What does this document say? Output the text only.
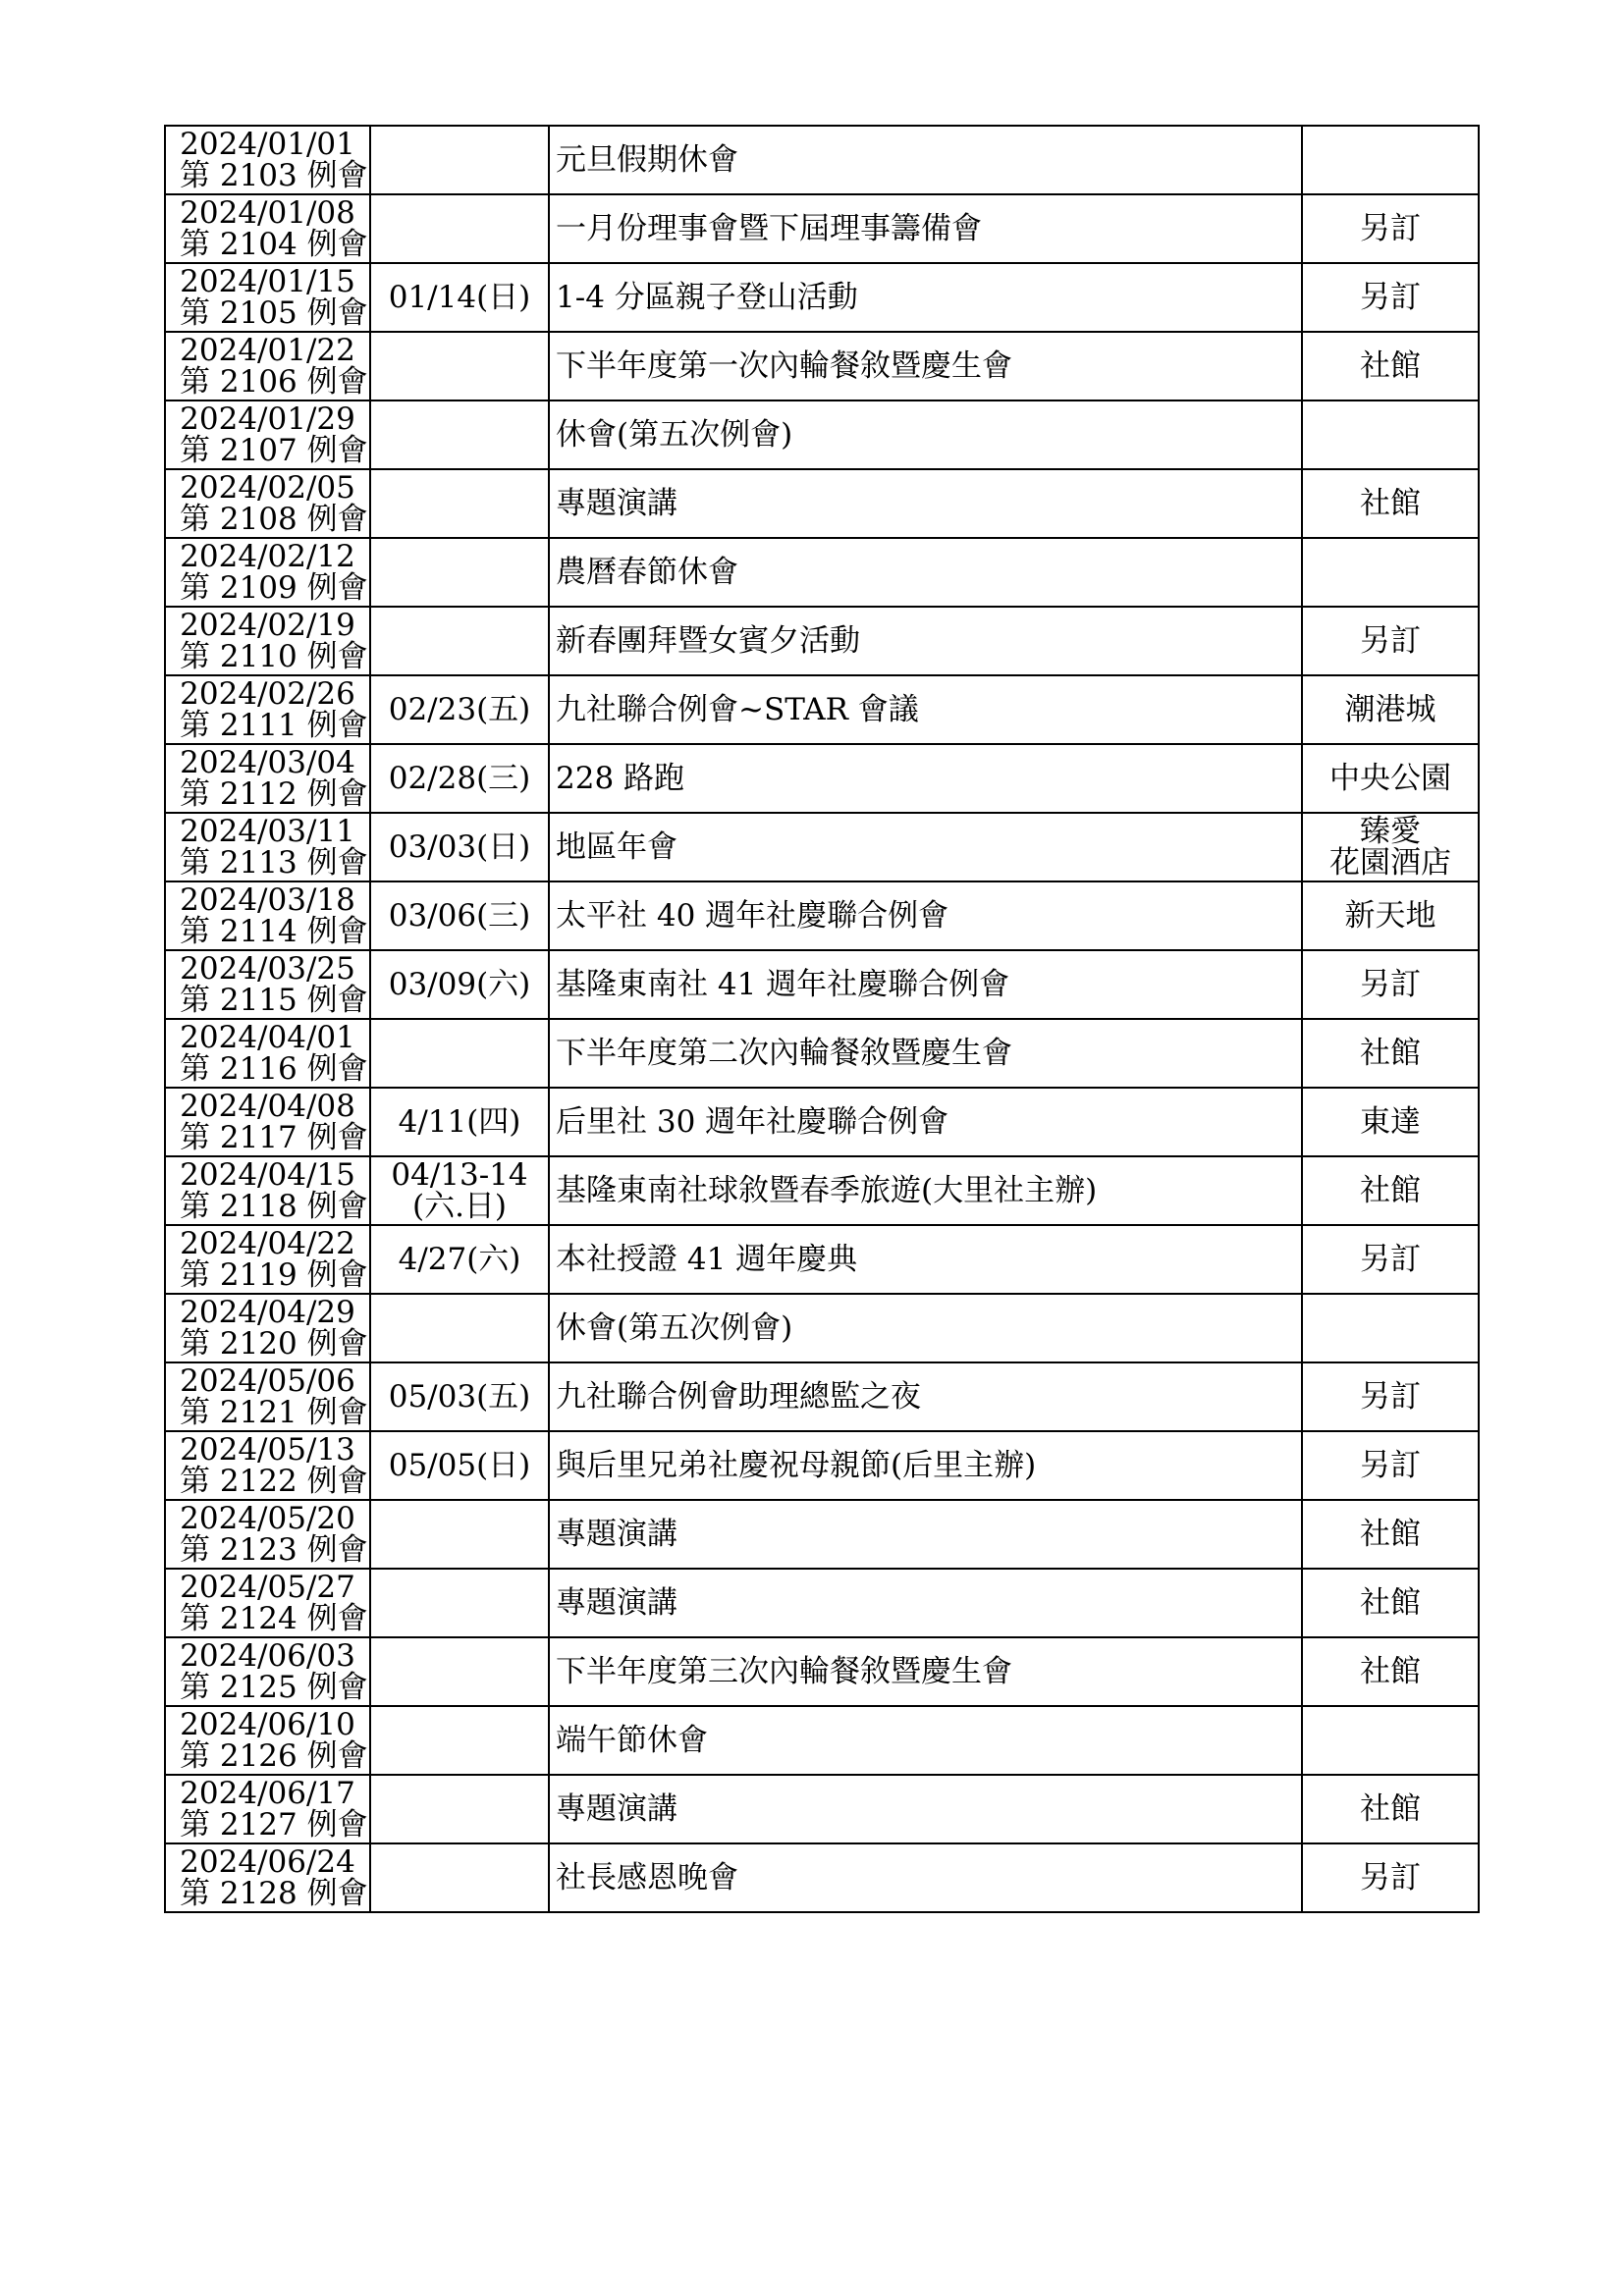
2024/01/01
第 2103 例會		元旦假期休會	

2024/01/08
第 2104 例會		一月份理事會暨下屆理事籌備會	另訂

2024/01/15
第 2105 例會	01/14(日)	1-4 分區親子登山活動	另訂

2024/01/22
第 2106 例會		下半年度第一次內輪餐敘暨慶生會	社館

2024/01/29
第 2107 例會		休會(第五次例會)	

2024/02/05
第 2108 例會		專題演講	社館

2024/02/12
第 2109 例會		農曆春節休會	

2024/02/19
第 2110 例會		新春團拜暨女賓夕活動	另訂

2024/02/26
第 2111 例會	02/23(五)	九社聯合例會~STAR 會議	潮港城

2024/03/04
第 2112 例會	02/28(三)	228 路跑	中央公園

2024/03/11
第 2113 例會	03/03(日)	地區年會	臻愛
花園酒店

2024/03/18
第 2114 例會	03/06(三)	太平社 40 週年社慶聯合例會	新天地

2024/03/25
第 2115 例會	03/09(六)	基隆東南社 41 週年社慶聯合例會	另訂

2024/04/01
第 2116 例會		下半年度第二次內輪餐敘暨慶生會	社館

2024/04/08
第 2117 例會	4/11(四)	后里社 30 週年社慶聯合例會	東達

2024/04/15
第 2118 例會	04/13-14
(六.日)	基隆東南社球敘暨春季旅遊(大里社主辦)	社館

2024/04/22
第 2119 例會	4/27(六)	本社授證 41 週年慶典	另訂

2024/04/29
第 2120 例會		休會(第五次例會)	

2024/05/06
第 2121 例會	05/03(五)	九社聯合例會助理總監之夜	另訂

2024/05/13
第 2122 例會	05/05(日)	與后里兄弟社慶祝母親節(后里主辦)	另訂

2024/05/20
第 2123 例會		專題演講	社館

2024/05/27
第 2124 例會		專題演講	社館

2024/06/03
第 2125 例會		下半年度第三次內輪餐敘暨慶生會	社館

2024/06/10
第 2126 例會		端午節休會	

2024/06/17
第 2127 例會		專題演講	社館

2024/06/24
第 2128 例會		社長感恩晚會	另訂
